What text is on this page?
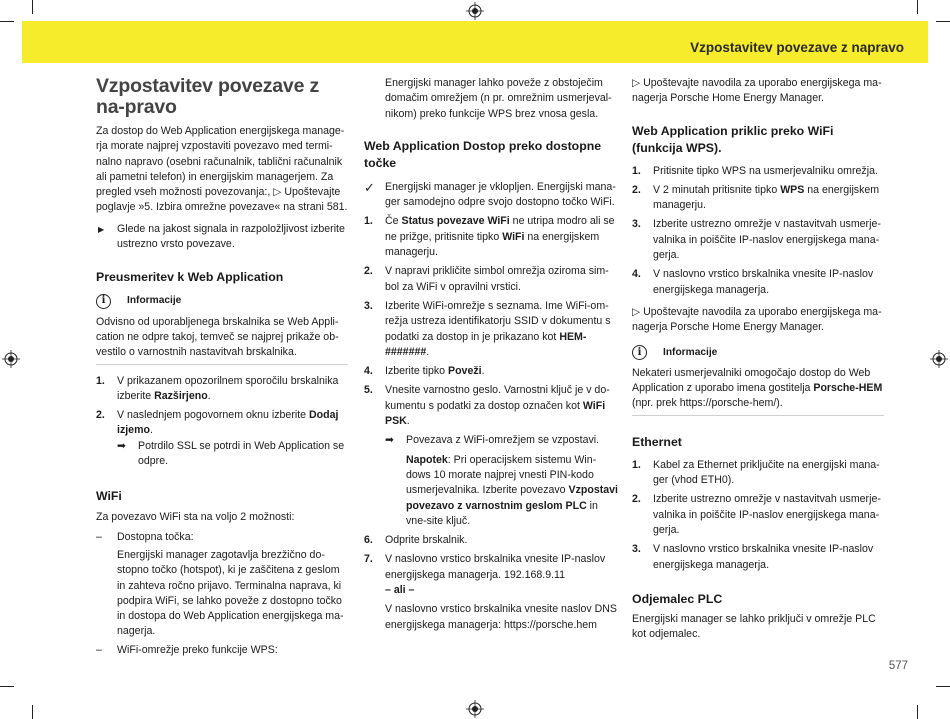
Vzpostavitev povezave z napravo
Vzpostavitev povezave z na-pravo

Za dostop do Web Application energijskega manage-rja morate najprej vzpostaviti povezavo med termi-nalno napravo (osebni računalnik, tablični računalnik ali pametni telefon) in energijskim managerjem. Za pregled vseh možnosti povezovanja:, ▷ Upoštevajte poglavje »5. Izbira omrežne povezave« na strani 581.

▶ Glede na jakost signala in razpoložljivost izberite ustrezno vrsto povezave.
Preusmeritev k Web Application
i	Informacije

Odvisno od uporabljenega brskalnika se Web Appli-cation ne odpre takoj, temveč se najprej prikaže ob-vestilo o varnostnih nastavitvah brskalnika.

1. V prikazanem opozorilnem sporočilu brskalnika izberite Razširjeno.
2. V naslednjem pogovornem oknu izberite Dodaj izjemo.
➡ Potrdilo SSL se potrdi in Web Application se odpre.
WiFi

Za povezavo WiFi sta na voljo 2 možnosti:

– Dostopna točka:
Energijski manager zagotavlja brezžično do-stopno točko (hotspot), ki je zaščitena z geslom in zahteva ročno prijavo. Terminalna naprava, ki podpira WiFi, se lahko poveže z dostopno točko in dostopa do Web Application energijskega ma-nagerja.
– WiFi-omrežje preko funkcije WPS:

Energijski manager lahko poveže z obstoječim domačim omrežjem (n pr. omrežnim usmerjeval-nikom) preko funkcije WPS brez vnosa gesla.

Web Application Dostop preko dostopne točke
✓ Energijski manager je vklopljen. Energijski mana-ger samodejno odpre svojo dostopno točko WiFi.
1. Če Status povezave WiFi ne utripa modro ali se ne prižge, pritisnite tipko WiFi na energijskem managerju.
2. V napravi prikličite simbol omrežja oziroma sim-bol za WiFi v opravilni vrstici.
3. Izberite WiFi-omrežje s seznama. Ime WiFi-om-režja ustreza identifikatorju SSID v dokumentu s podatki za dostop in je prikazano kot HEM-#######.
4. Izberite tipko Poveži.
5. Vnesite varnostno geslo. Varnostni ključ je v do-kumentu s podatki za dostop označen kot WiFi PSK.
➡ Povezava z WiFi-omrežjem se vzpostavi.
Napotek: Pri operacijskem sistemu Win-dows 10 morate najprej vnesti PIN-kodo usmerjevalnika. Izberite povezavo Vzpostavi povezavo z varnostnim geslom PLC in vne-site ključ.
6. Odprite brskalnik.
7. V naslovno vrstico brskalnika vnesite IP-naslov energijskega managerja. 192.168.9.11
– ali –
V naslovno vrstico brskalnika vnesite naslov DNS energijskega managerja: https://porsche.hem

▷ Upoštevajte navodila za uporabo energijskega ma-nagerja Porsche Home Energy Manager.

Web Application priklic preko WiFi (funkcija WPS).
1. Pritisnite tipko WPS na usmerjevalniku omrežja.
2. V 2 minutah pritisnite tipko WPS na energijskem managerju.
3. Izberite ustrezno omrežje v nastavitvah usmerje-valnika in poiščite IP-naslov energijskega mana-gerja.
4. V naslovno vrstico brskalnika vnesite IP-naslov energijskega managerja.

▷ Upoštevajte navodila za uporabo energijskega ma-nagerja Porsche Home Energy Manager.

i	Informacije

Nekateri usmerjevalniki omogočajo dostop do Web Application z uporabo imena gostitelja Porsche-HEM (npr. prek https://porsche-hem/).

Ethernet
1. Kabel za Ethernet priključite na energijski mana-ger (vhod ETH0).
2. Izberite ustrezno omrežje v nastavitvah usmerje-valnika in poiščite IP-naslov energijskega mana-gerja.
3. V naslovno vrstico brskalnika vnesite IP-naslov energijskega managerja.
Odjemalec PLC

Energijski manager se lahko priključi v omrežje PLC kot odjemalec.

577
